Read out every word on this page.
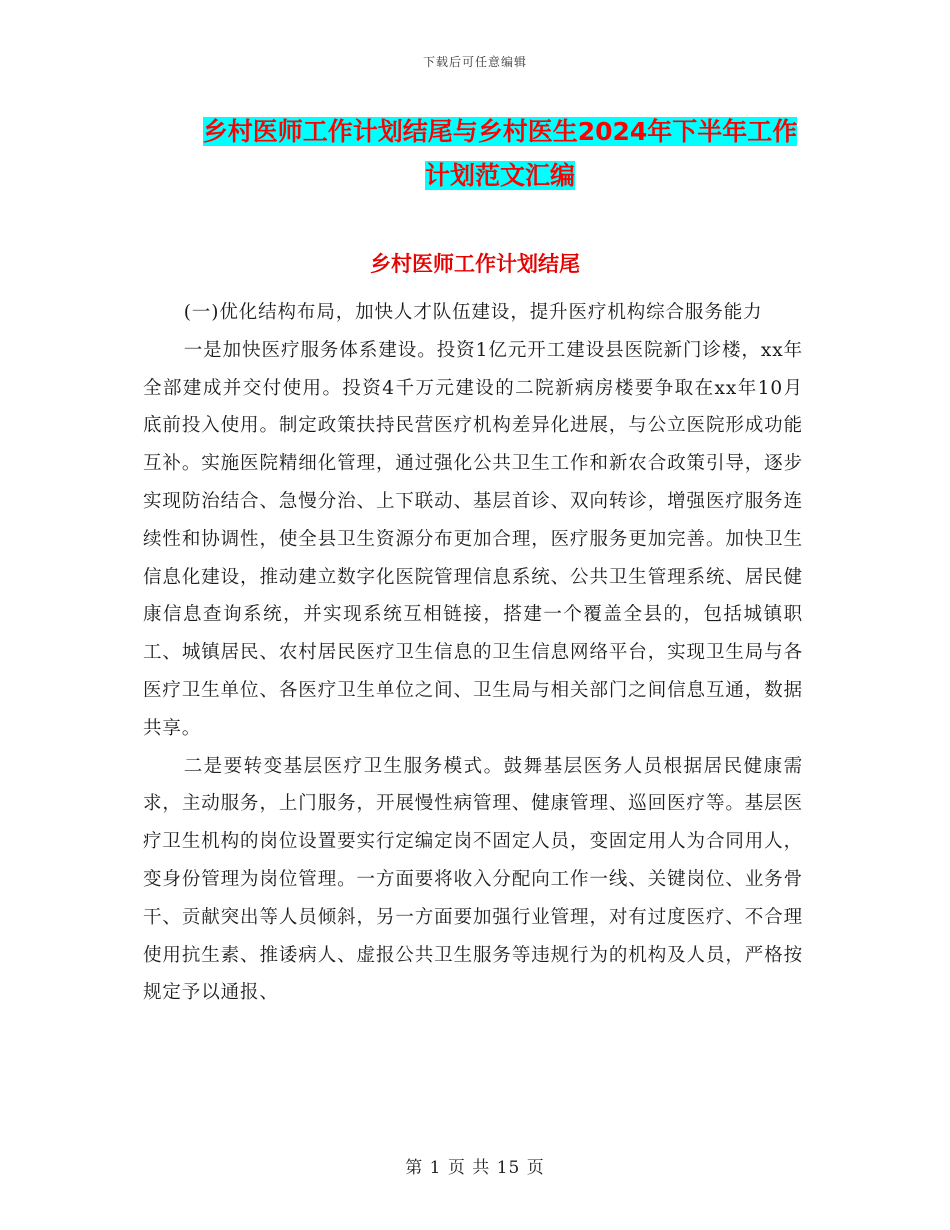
下载后可任意编辑
乡村医师工作计划结尾与乡村医生2024年下半年工作
计划范文汇编
乡村医师工作计划结尾

(一)优化结构布局，加快人才队伍建设，提升医疗机构综合服务能力

一是加快医疗服务体系建设。投资1亿元开工建设县医院新门诊楼，xx年全部建成并交付使用。投资4千万元建设的二院新病房楼要争取在xx年10月底前投入使用。制定政策扶持民营医疗机构差异化进展，与公立医院形成功能互补。实施医院精细化管理，通过强化公共卫生工作和新农合政策引导，逐步实现防治结合、急慢分治、上下联动、基层首诊、双向转诊，增强医疗服务连续性和协调性，使全县卫生资源分布更加合理，医疗服务更加完善。加快卫生信息化建设，推动建立数字化医院管理信息系统、公共卫生管理系统、居民健康信息查询系统，并实现系统互相链接，搭建一个覆盖全县的，包括城镇职工、城镇居民、农村居民医疗卫生信息的卫生信息网络平台，实现卫生局与各医疗卫生单位、各医疗卫生单位之间、卫生局与相关部门之间信息互通，数据共享。

二是要转变基层医疗卫生服务模式。鼓舞基层医务人员根据居民健康需求，主动服务，上门服务，开展慢性病管理、健康管理、巡回医疗等。基层医疗卫生机构的岗位设置要实行定编定岗不固定人员，变固定用人为合同用人，变身份管理为岗位管理。一方面要将收入分配向工作一线、关键岗位、业务骨干、贡献突出等人员倾斜，另一方面要加强行业管理，对有过度医疗、不合理使用抗生素、推诿病人、虚报公共卫生服务等违规行为的机构及人员，严格按规定予以通报、

第 1 页 共 15 页
